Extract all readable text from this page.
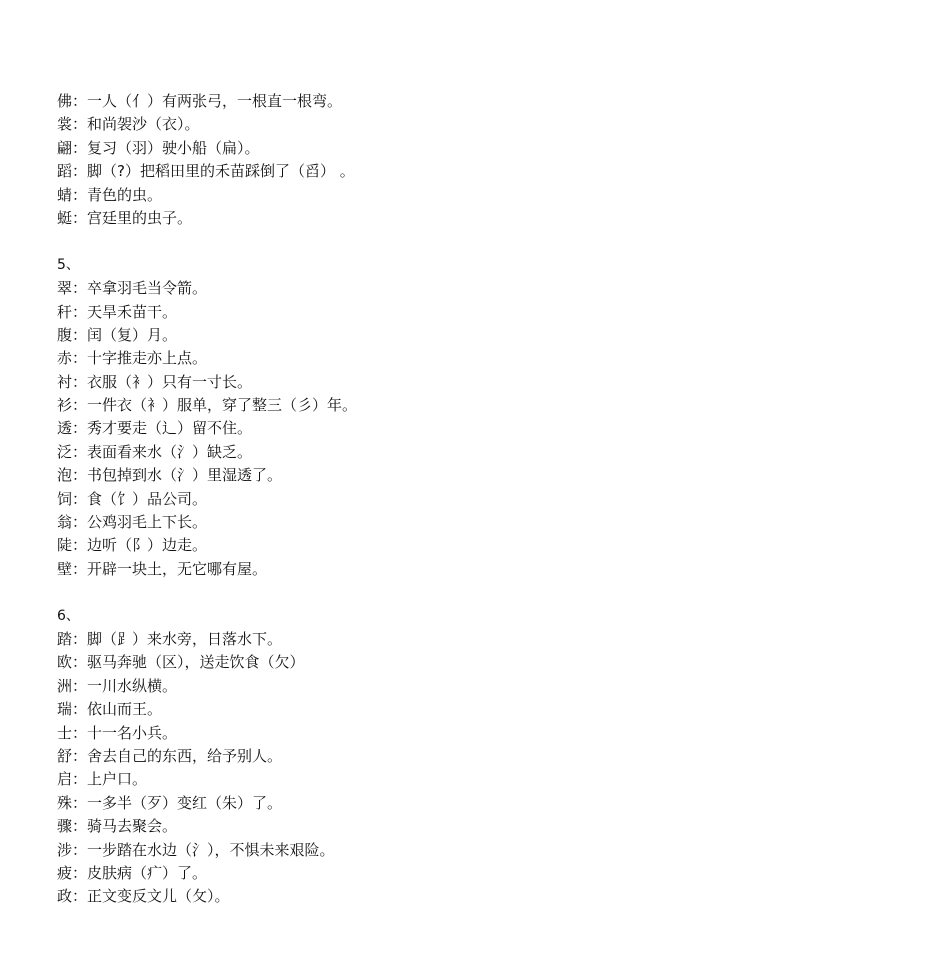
佛：一人（亻）有两张弓，一根直一根弯。
裳：和尚袈沙（衣）。
翩：复习（羽）驶小船（扁）。
蹈：脚（?）把稻田里的禾苗踩倒了（舀） 。
蜻：青色的虫。
蜓：宫廷里的虫子。
5、
翠：卒拿羽毛当令箭。
秆：天旱禾苗干。
腹：闰（复）月。
赤：十字推走亦上点。
衬：衣服（衤）只有一寸长。
衫：一件衣（衤）服单，穿了整三（彡）年。
透：秀才要走（辶）留不住。
泛：表面看来水（氵）缺乏。
泡：书包掉到水（氵）里湿透了。
饲：食（饣）品公司。
翁：公鸡羽毛上下长。
陡：边听（阝）边走。
壁：开辟一块土，无它哪有屋。
6、
踏：脚（⻊）来水旁，日落水下。
欧：驱马奔驰（区），送走饮食（欠）
洲：一川水纵横。
瑞：依山而王。
士：十一名小兵。
舒：舍去自己的东西，给予别人。
启：上户口。
殊：一多半（歹）变红（朱）了。
骤：骑马去聚会。
涉：一步踏在水边（氵），不惧未来艰险。
疲：皮肤病（疒）了。
政：正文变反文儿（攵）。
